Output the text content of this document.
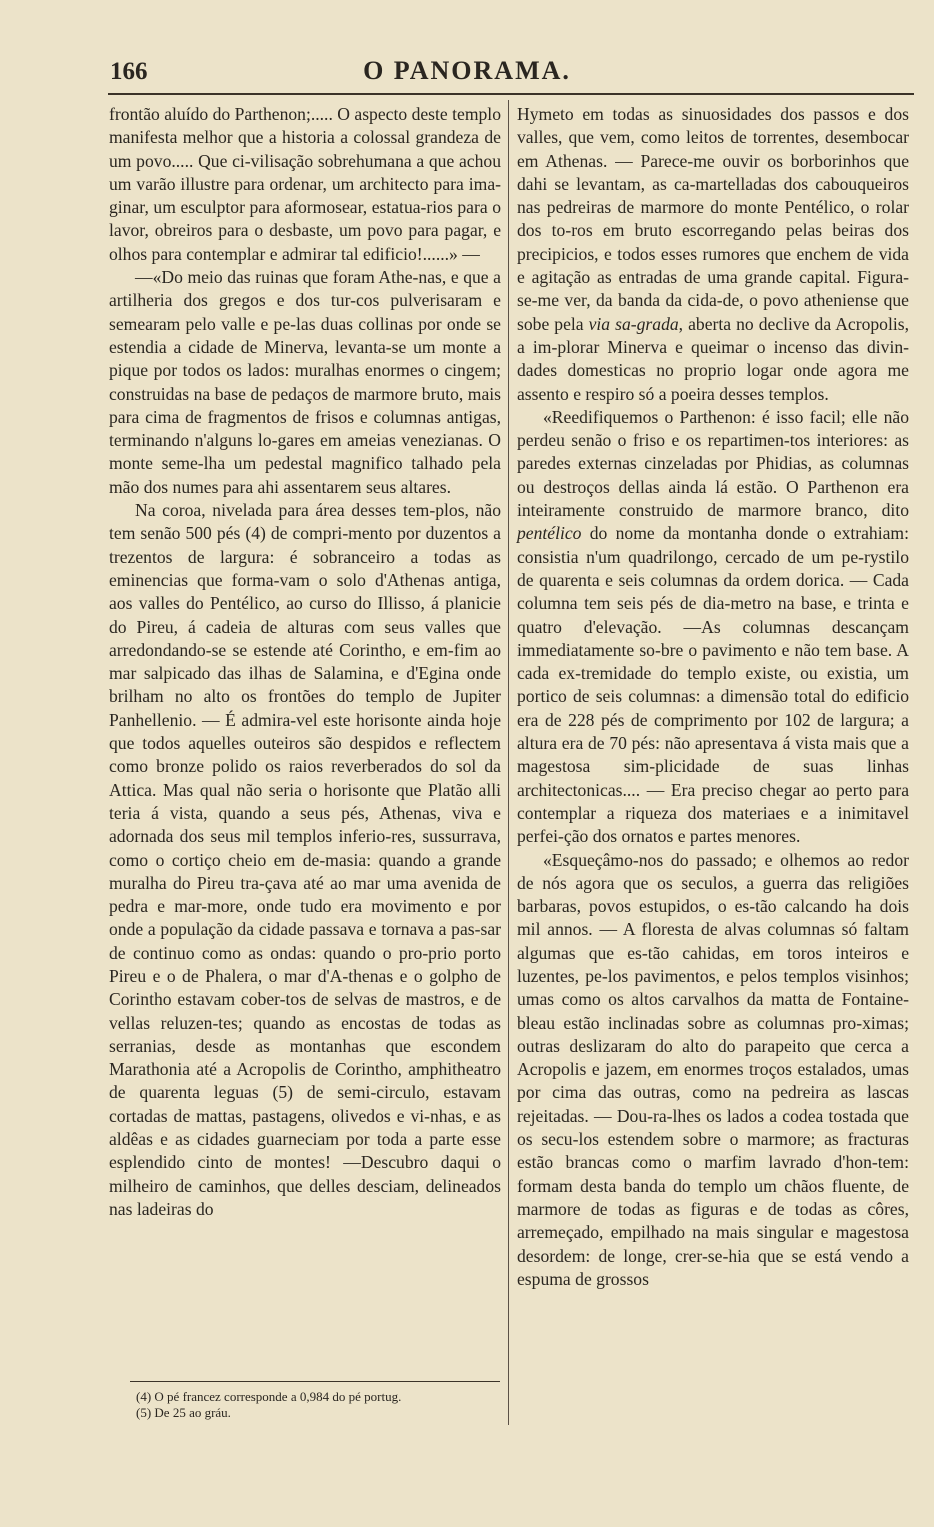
166	O PANORAMA.

frontão aluído do Parthenon;..... O aspecto deste templo manifesta melhor que a historia a colossal grandeza de um povo..... Que ci-vilisação sobrehumana a que achou um varão illustre para ordenar, um architecto para ima-ginar, um esculptor para aformosear, estatua-rios para o lavor, obreiros para o desbaste, um povo para pagar, e olhos para contemplar e admirar tal edificio!......» —

—«Do meio das ruinas que foram Athe-nas, e que a artilheria dos gregos e dos tur-cos pulverisaram e semearam pelo valle e pe-las duas collinas por onde se estendia a cidade de Minerva, levanta-se um monte a pique por todos os lados: muralhas enormes o cingem; construidas na base de pedaços de marmore bruto, mais para cima de fragmentos de frisos e columnas antigas, terminando n'alguns lo-gares em ameias venezianas. O monte seme-lha um pedestal magnifico talhado pela mão dos numes para ahi assentarem seus altares.

Na coroa, nivelada para área desses tem-plos, não tem senão 500 pés (4) de compri-mento por duzentos a trezentos de largura: é sobranceiro a todas as eminencias que forma-vam o solo d'Athenas antiga, aos valles do Pentélico, ao curso do Illisso, á planicie do Pireu, á cadeia de alturas com seus valles que arredondando-se se estende até Corintho, e em-fim ao mar salpicado das ilhas de Salamina, e d'Egina onde brilham no alto os frontões do templo de Jupiter Panhellenio. — É admira-vel este horisonte ainda hoje que todos aquelles outeiros são despidos e reflectem como bronze polido os raios reverberados do sol da Attica. Mas qual não seria o horisonte que Platão alli teria á vista, quando a seus pés, Athenas, viva e adornada dos seus mil templos inferio-res, sussurrava, como o cortiço cheio em de-masia: quando a grande muralha do Pireu tra-çava até ao mar uma avenida de pedra e mar-more, onde tudo era movimento e por onde a população da cidade passava e tornava a pas-sar de continuo como as ondas: quando o pro-prio porto Pireu e o de Phalera, o mar d'A-thenas e o golpho de Corintho estavam cober-tos de selvas de mastros, e de vellas reluzen-tes; quando as encostas de todas as serranias, desde as montanhas que escondem Marathonia até a Acropolis de Corintho, amphitheatro de quarenta leguas (5) de semi-circulo, estavam cortadas de mattas, pastagens, olivedos e vi-nhas, e as aldêas e as cidades guarneciam por toda a parte esse esplendido cinto de montes! —Descubro daqui o milheiro de caminhos, que delles desciam, delineados nas ladeiras do

Hymeto em todas as sinuosidades dos passos e dos valles, que vem, como leitos de torrentes, desembocar em Athenas. — Parece-me ouvir os borborinhos que dahi se levantam, as ca-martelladas dos cabouqueiros nas pedreiras de marmore do monte Pentélico, o rolar dos to-ros em bruto escorregando pelas beiras dos precipicios, e todos esses rumores que enchem de vida e agitação as entradas de uma grande capital. Figura-se-me ver, da banda da cida-de, o povo atheniense que sobe pela via sa-grada, aberta no declive da Acropolis, a im-plorar Minerva e queimar o incenso das divin-dades domesticas no proprio logar onde agora me assento e respiro só a poeira desses templos.

«Reedifiquemos o Parthenon: é isso facil; elle não perdeu senão o friso e os repartimen-tos interiores: as paredes externas cinzeladas por Phidias, as columnas ou destroços dellas ainda lá estão. O Parthenon era inteiramente construido de marmore branco, dito pentélico do nome da montanha donde o extrahiam: consistia n'um quadrilongo, cercado de um pe-rystilo de quarenta e seis columnas da ordem dorica. — Cada columna tem seis pés de dia-metro na base, e trinta e quatro d'elevação. —As columnas descançam immediatamente so-bre o pavimento e não tem base. A cada ex-tremidade do templo existe, ou existia, um portico de seis columnas: a dimensão total do edificio era de 228 pés de comprimento por 102 de largura; a altura era de 70 pés: não apresentava á vista mais que a magestosa sim-plicidade de suas linhas architectonicas.... — Era preciso chegar ao perto para contemplar a riqueza dos materiaes e a inimitavel perfei-ção dos ornatos e partes menores.

«Esqueçâmo-nos do passado; e olhemos ao redor de nós agora que os seculos, a guerra das religiões barbaras, povos estupidos, o es-tão calcando ha dois mil annos. — A floresta de alvas columnas só faltam algumas que es-tão cahidas, em toros inteiros e luzentes, pe-los pavimentos, e pelos templos visinhos; umas como os altos carvalhos da matta de Fontaine-bleau estão inclinadas sobre as columnas pro-ximas; outras deslizaram do alto do parapeito que cerca a Acropolis e jazem, em enormes troços estalados, umas por cima das outras, como na pedreira as lascas rejeitadas. — Dou-ra-lhes os lados a codea tostada que os secu-los estendem sobre o marmore; as fracturas estão brancas como o marfim lavrado d'hon-tem: formam desta banda do templo um chãos fluente, de marmore de todas as figuras e de todas as côres, arremeçado, empilhado na mais singular e magestosa desordem: de longe, crer-se-hia que se está vendo a espuma de grossos

(4) O pé francez corresponde a 0,984 do pé portug.

(5) De 25 ao gráu.
